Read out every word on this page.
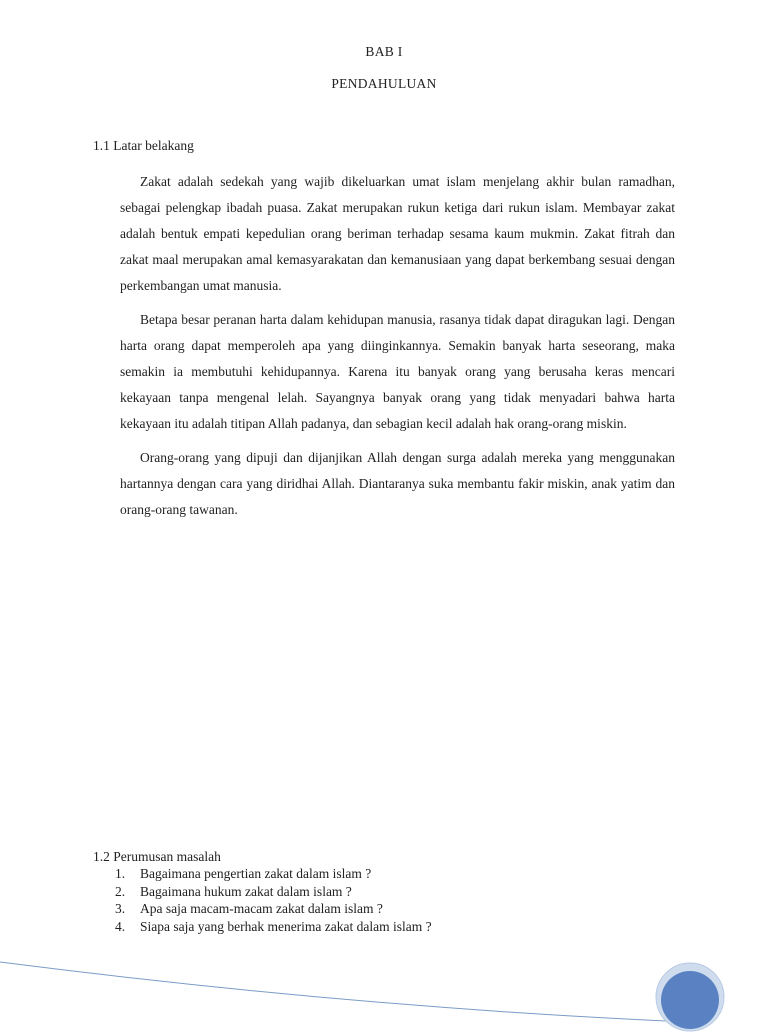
BAB I
PENDAHULUAN
1.1 Latar belakang

Zakat adalah sedekah yang wajib dikeluarkan umat islam menjelang akhir bulan ramadhan, sebagai pelengkap ibadah puasa. Zakat merupakan rukun ketiga dari rukun islam. Membayar zakat adalah bentuk empati kepedulian orang beriman terhadap sesama kaum mukmin. Zakat fitrah dan zakat maal merupakan amal kemasyarakatan dan kemanusiaan yang dapat berkembang sesuai dengan perkembangan umat manusia.

Betapa besar peranan harta dalam kehidupan manusia, rasanya tidak dapat diragukan lagi. Dengan harta orang dapat memperoleh apa yang diinginkannya. Semakin banyak harta seseorang, maka semakin ia membutuhi kehidupannya. Karena itu banyak orang yang berusaha keras mencari kekayaan tanpa mengenal lelah. Sayangnya banyak orang yang tidak menyadari bahwa harta kekayaan itu adalah titipan Allah padanya, dan sebagian kecil adalah hak orang-orang miskin.

Orang-orang yang dipuji dan dijanjikan Allah dengan surga adalah mereka yang menggunakan hartannya dengan cara yang diridhai Allah. Diantaranya suka membantu fakir miskin, anak yatim dan orang-orang tawanan.

1.2 Perumusan masalah
1.	Bagaimana pengertian zakat dalam islam ?
2.	Bagaimana hukum zakat dalam islam ?
3.	Apa saja macam-macam zakat dalam islam ?
4.	Siapa saja yang berhak menerima zakat dalam islam ?
